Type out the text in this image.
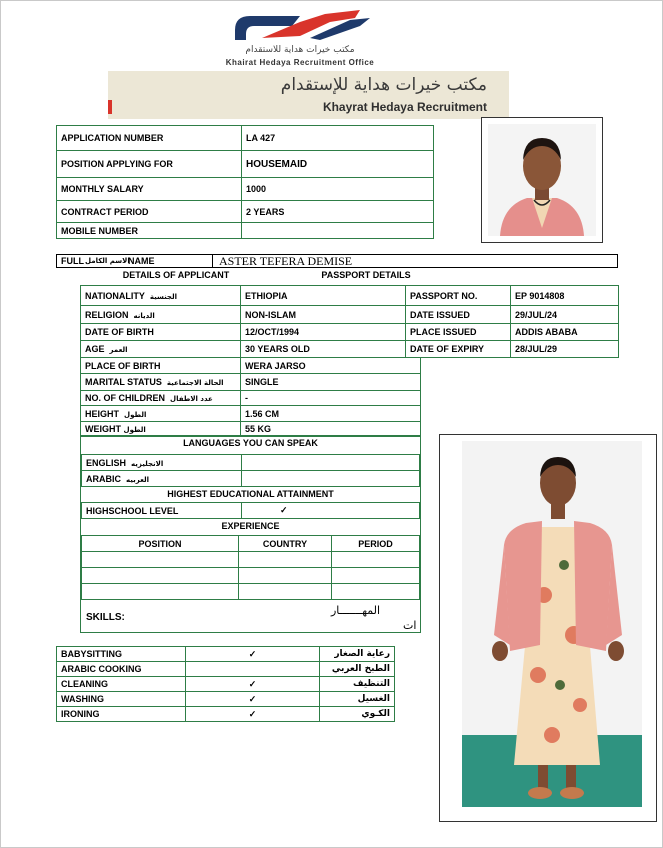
مكتب خيرات هداية للاستقدام
Khairat Hedaya Recruitment Office
مكتب خيرات هداية للإستقدام
Khayrat Hedaya Recruitment
APPLICATION NUMBER	LA 427
POSITION APPLYING FOR	HOUSEMAID
MONTHLY SALARY	1000
CONTRACT PERIOD	2 YEARS
MOBILE NUMBER	
FULL الاسم الكامل
NAME	ASTER TEFERA DEMISE
DETAILS OF APPLICANT	PASSPORT DETAILS
NATIONALITY الجنسية	ETHIOPIA	PASSPORT NO.	EP 9014808
RELIGION الديانه	NON-ISLAM	DATE ISSUED	29/JUL/24
DATE OF BIRTH	12/OCT/1994	PLACE ISSUED	ADDIS ABABA
AGE العمر	30 YEARS OLD	DATE OF EXPIRY	28/JUL/29
PLACE OF BIRTH	WERA JARSO
MARITAL STATUS الحالة الاجتماعية	SINGLE
NO. OF CHILDREN عدد الاطفال	-
HEIGHT الطول	1.56 CM
WEIGHT الطول	55 KG
LANGUAGES YOU CAN SPEAK
ENGLISH الانجليزيه	
ARABIC العربيه	
HIGHEST EDUCATIONAL ATTAINMENT
HIGHSCHOOL LEVEL	✓
EXPERIENCE
POSITION	COUNTRY	PERIOD

SKILLS:
المهـــــــار
ات
BABYSITTING	✓	رعاية الصغار
ARABIC COOKING		الطبخ العربي
CLEANING	✓	التنظيف
WASHING	✓	الغسيل
IRONING	✓	الكـوي
